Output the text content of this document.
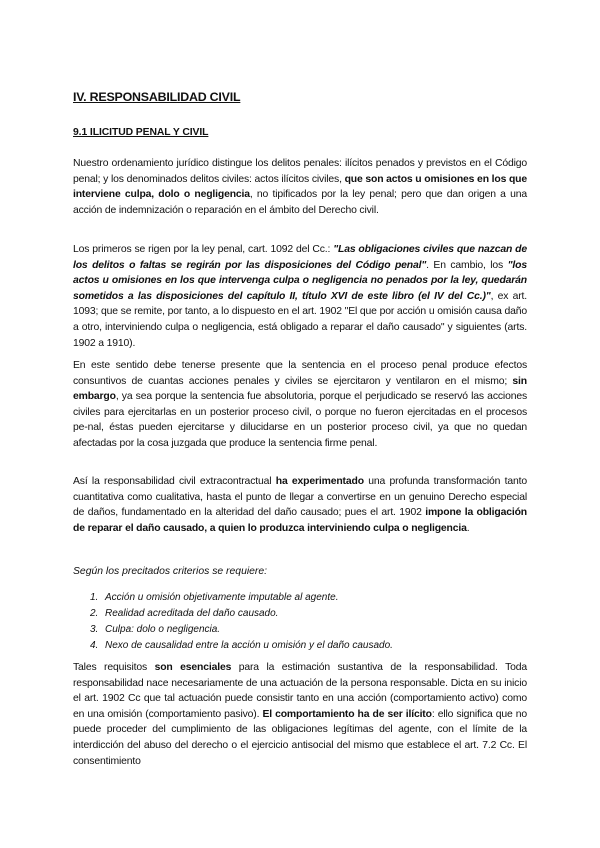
IV. RESPONSABILIDAD CIVIL
9.1 ILICITUD PENAL Y CIVIL

Nuestro ordenamiento jurídico distingue los delitos penales: ilícitos penados y previstos en el Código penal; y los denominados delitos civiles: actos ilícitos civiles, que son actos u omisiones en los que interviene culpa, dolo o negligencia, no tipificados por la ley penal; pero que dan origen a una acción de indemnización o reparación en el ámbito del Derecho civil.

Los primeros se rigen por la ley penal, cart. 1092 del Cc.: "Las obligaciones civiles que nazcan de los delitos o faltas se regirán por las disposiciones del Código penal". En cambio, los "los actos u omisiones en los que intervenga culpa o negligencia no penados por la ley, quedarán sometidos a las disposiciones del capítulo II, título XVI de este libro (el IV del Cc.)", ex art. 1093; que se remite, por tanto, a lo dispuesto en el art. 1902 "El que por acción u omisión causa daño a otro, interviniendo culpa o negligencia, está obligado a reparar el daño causado" y siguientes (arts. 1902 a 1910).

En este sentido debe tenerse presente que la sentencia en el proceso penal produce efectos consuntivos de cuantas acciones penales y civiles se ejercitaron y ventilaron en el mismo; sin embargo, ya sea porque la sentencia fue absolutoria, porque el perjudicado se reservó las acciones civiles para ejercitarlas en un posterior proceso civil, o porque no fueron ejercitadas en el procesos pe-nal, éstas pueden ejercitarse y dilucidarse en un posterior proceso civil, ya que no quedan afectadas por la cosa juzgada que produce la sentencia firme penal.

Así la responsabilidad civil extracontractual ha experimentado una profunda transformación tanto cuantitativa como cualitativa, hasta el punto de llegar a convertirse en un genuino Derecho especial de daños, fundamentado en la alteridad del daño causado; pues el art. 1902 impone la obligación de reparar el daño causado, a quien lo produzca interviniendo culpa o negligencia.

Según los precitados criterios se requiere:
1. Acción u omisión objetivamente imputable al agente.
2. Realidad acreditada del daño causado.
3. Culpa: dolo o negligencia.
4. Nexo de causalidad entre la acción u omisión y el daño causado.

Tales requisitos son esenciales para la estimación sustantiva de la responsabilidad. Toda responsabilidad nace necesariamente de una actuación de la persona responsable. Dicta en su inicio el art. 1902 Cc que tal actuación puede consistir tanto en una acción (comportamiento activo) como en una omisión (comportamiento pasivo). El comportamiento ha de ser ilícito: ello significa que no puede proceder del cumplimiento de las obligaciones legítimas del agente, con el límite de la interdicción del abuso del derecho o el ejercicio antisocial del mismo que establece el art. 7.2 Cc. El consentimiento
